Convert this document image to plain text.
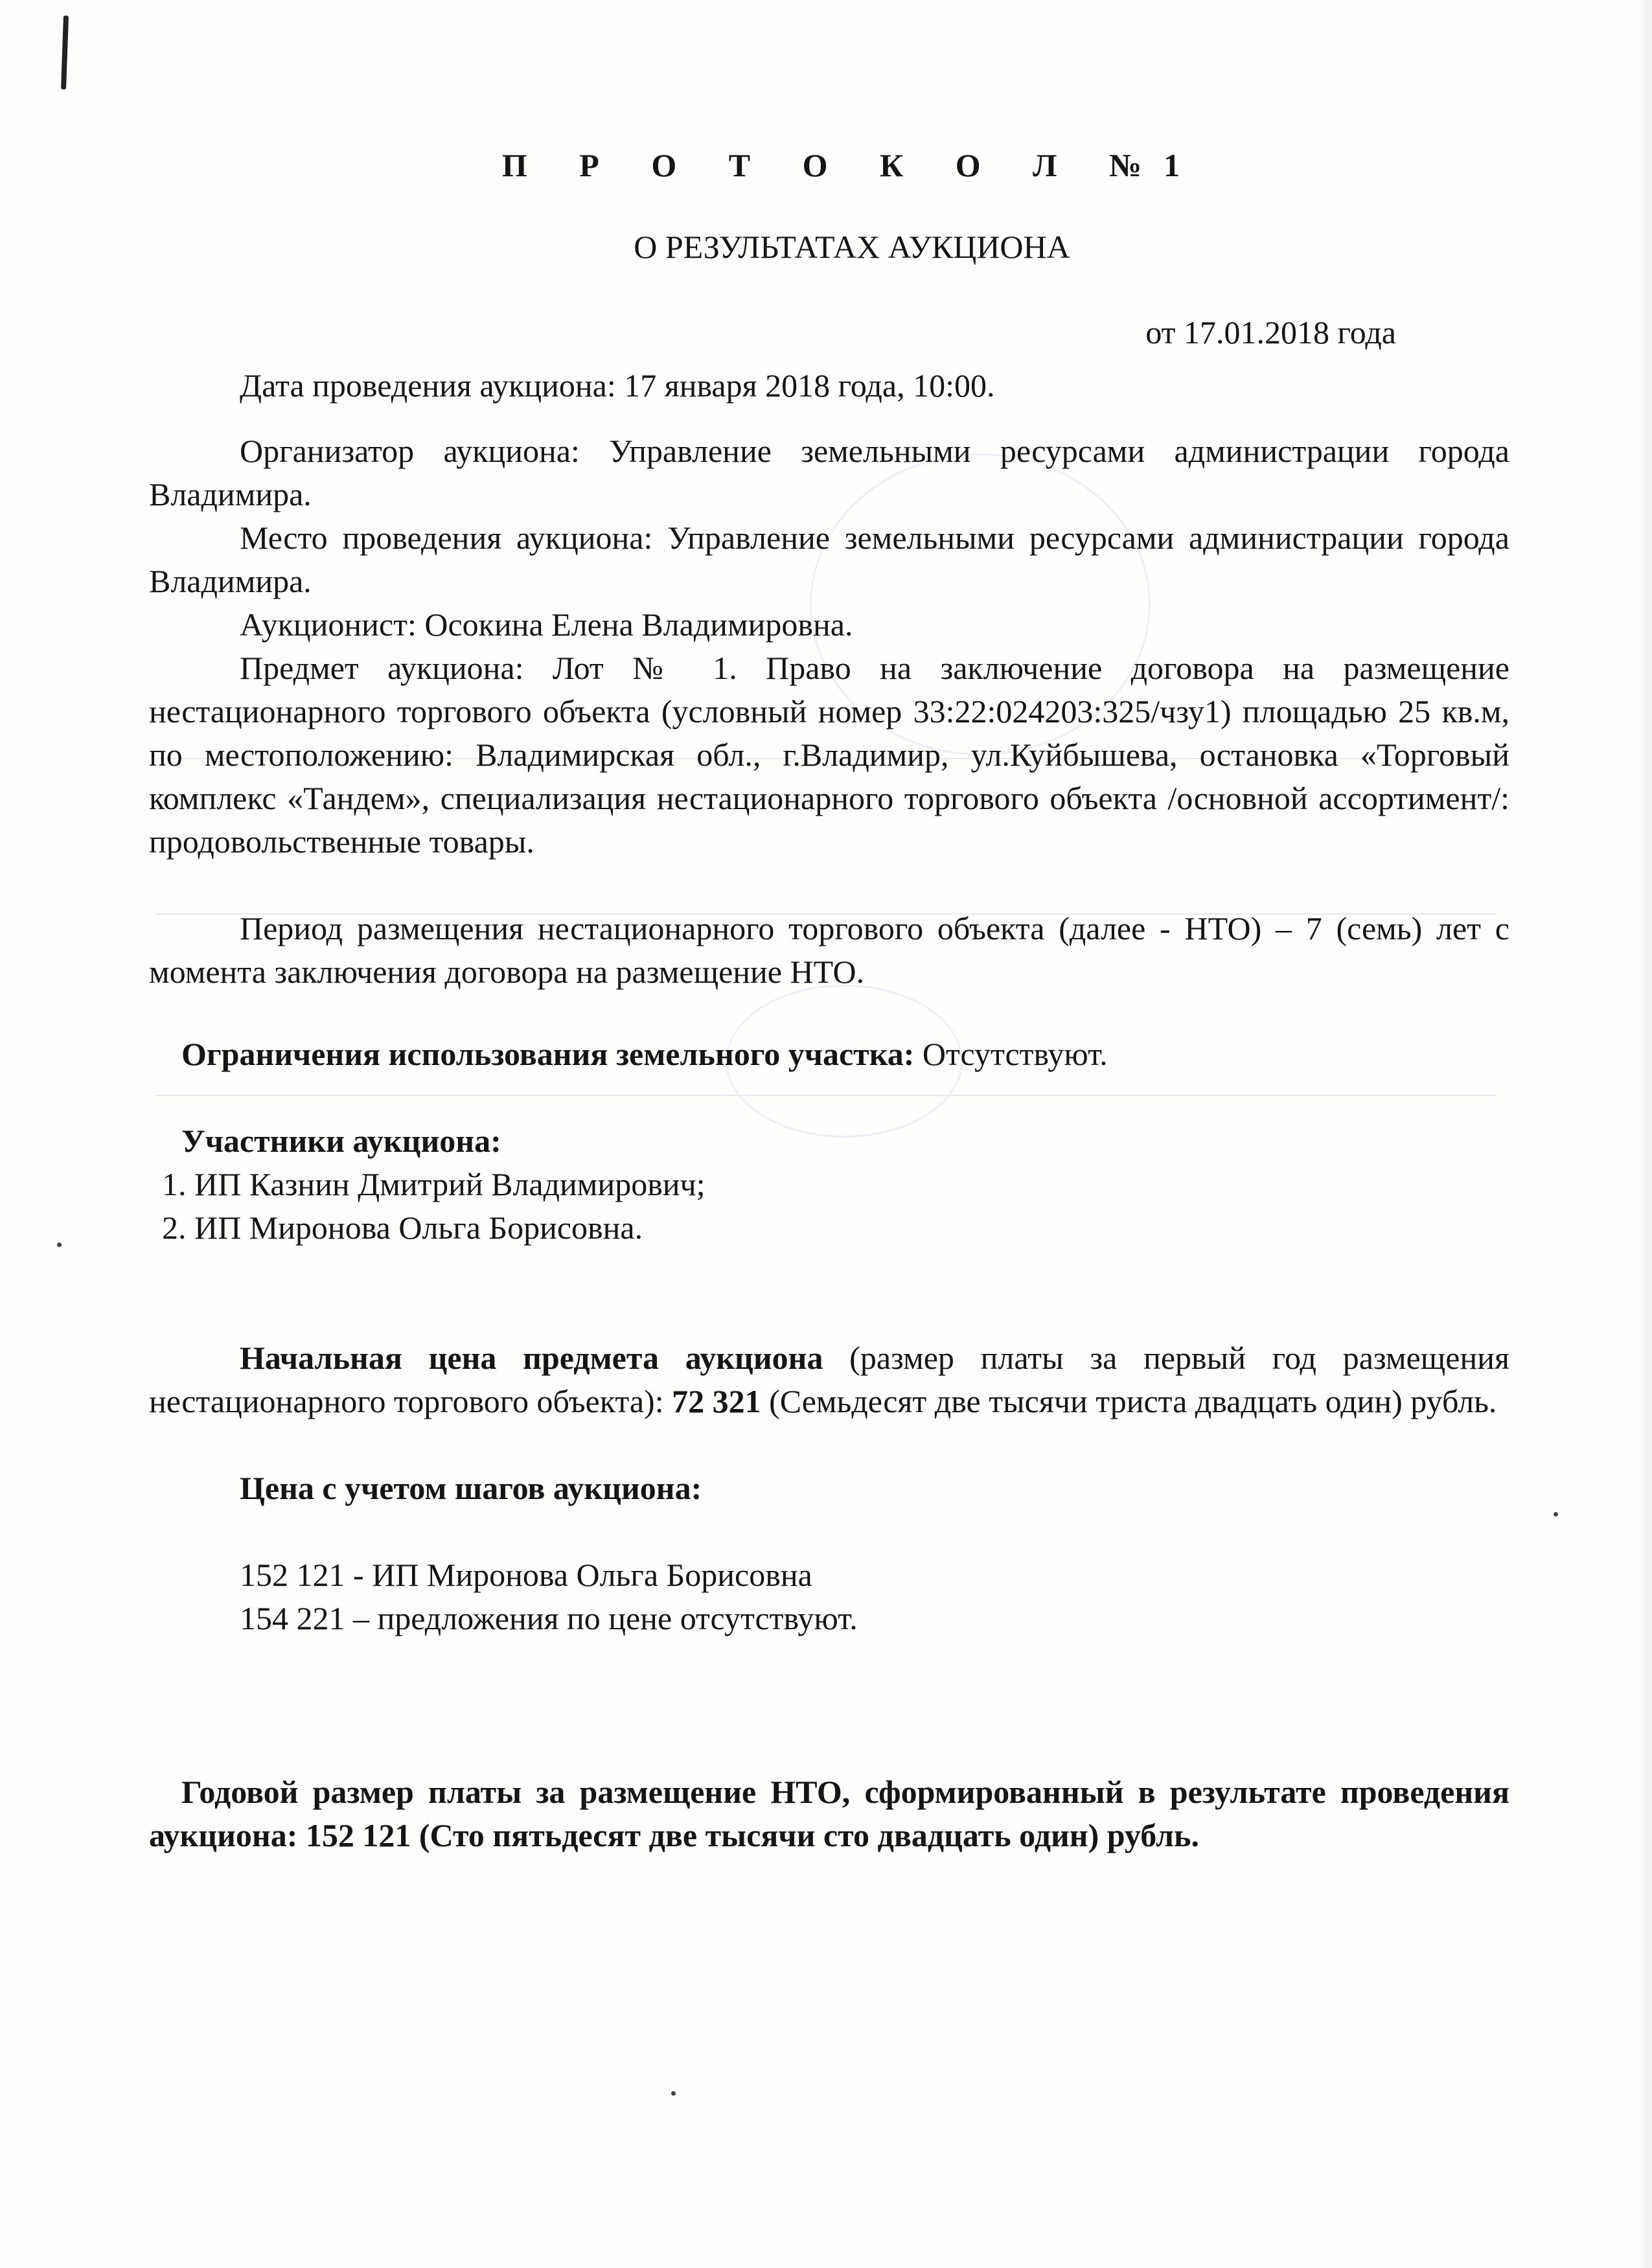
П Р О Т О К О Л №1
О РЕЗУЛЬТАТАХ АУКЦИОНА
от 17.01.2018 года

Дата проведения аукциона: 17 января 2018 года, 10:00.

Организатор аукциона: Управление земельными ресурсами администрации города Владимира.

Место проведения аукциона: Управление земельными ресурсами администрации города Владимира.

Аукционист: Осокина Елена Владимировна.

Предмет аукциона: Лот № 1. Право на заключение договора на размещение нестационарного торгового объекта (условный номер 33:22:024203:325/чзу1) площадью 25 кв.м, по местоположению: Владимирская обл., г.Владимир, ул.Куйбышева, остановка «Торговый комплекс «Тандем», специализация нестационарного торгового объекта /основной ассортимент/: продовольственные товары.

Период размещения нестационарного торгового объекта (далее - НТО) – 7 (семь) лет с момента заключения договора на размещение НТО.

Ограничения использования земельного участка: Отсутствуют.

Участники аукциона:

1. ИП Казнин Дмитрий Владимирович;

2. ИП Миронова Ольга Борисовна.

Начальная цена предмета аукциона (размер платы за первый год размещения нестационарного торгового объекта): 72 321 (Семьдесят две тысячи триста двадцать один) рубль.

Цена с учетом шагов аукциона:

152 121 - ИП Миронова Ольга Борисовна

154 221 – предложения по цене отсутствуют.

Годовой размер платы за размещение НТО, сформированный в результате проведения аукциона: 152 121 (Сто пятьдесят две тысячи сто двадцать один) рубль.
